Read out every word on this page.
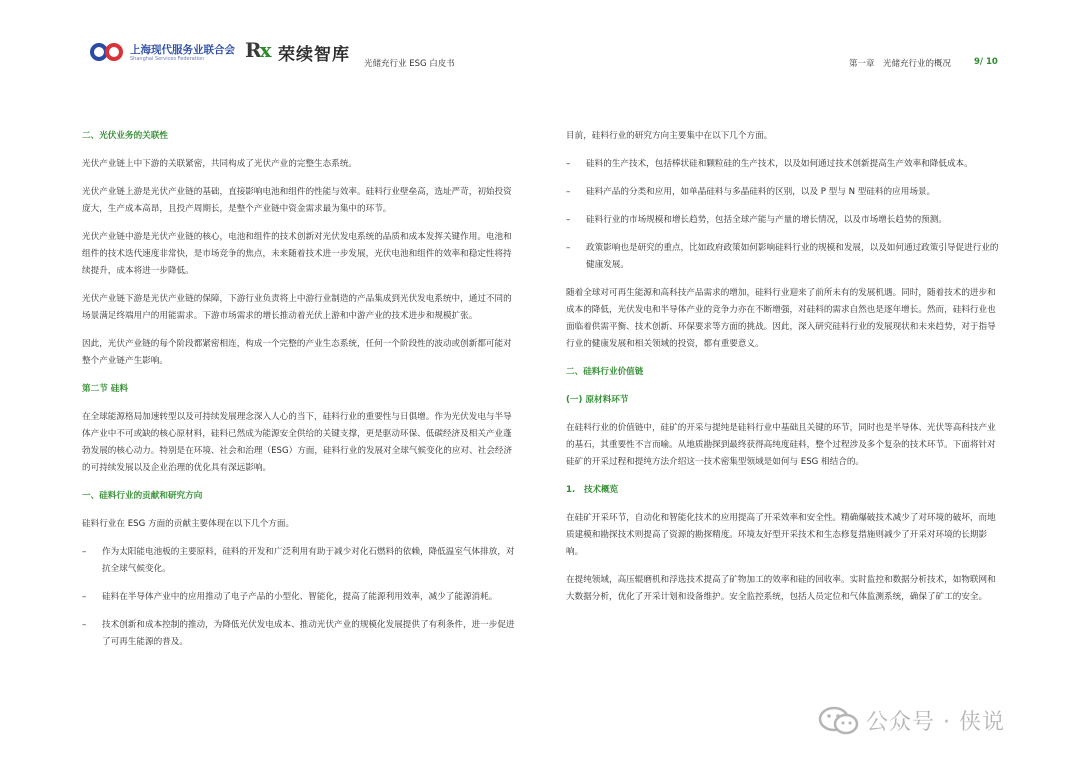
上海现代服务业联合会
Shanghai Services Federation Rx 荣续智库 光储充行业 ESG 白皮书	第一章　光储充行业的概况	9/ 10
二、光伏业务的关联性

光伏产业链上中下游的关联紧密，共同构成了光伏产业的完整生态系统。

光伏产业链上游是光伏产业链的基础，直接影响电池和组件的性能与效率。硅料行业壁垒高，选址严苛，初始投资庞大，生产成本高昂，且投产周期长，是整个产业链中资金需求最为集中的环节。

光伏产业链中游是光伏产业链的核心，电池和组件的技术创新对光伏发电系统的品质和成本发挥关键作用。电池和组件的技术迭代速度非常快，是市场竞争的焦点，未来随着技术进一步发展，光伏电池和组件的效率和稳定性将持续提升，成本将进一步降低。

光伏产业链下游是光伏产业链的保障，下游行业负责将上中游行业制造的产品集成到光伏发电系统中，通过不同的场景满足终端用户的用能需求。下游市场需求的增长推动着光伏上游和中游产业的技术进步和规模扩张。

因此，光伏产业链的每个阶段都紧密相连，构成一个完整的产业生态系统，任何一个阶段性的波动或创新都可能对整个产业链产生影响。

第二节 硅料

在全球能源格局加速转型以及可持续发展理念深入人心的当下，硅料行业的重要性与日俱增。作为光伏发电与半导体产业中不可或缺的核心原材料，硅料已然成为能源安全供给的关键支撑，更是驱动环保、低碳经济及相关产业蓬勃发展的核心动力。特别是在环境、社会和治理（ESG）方面，硅料行业的发展对全球气候变化的应对、社会经济的可持续发展以及企业治理的优化具有深远影响。

一、硅料行业的贡献和研究方向

硅料行业在 ESG 方面的贡献主要体现在以下几个方面。

– 作为太阳能电池板的主要原料，硅料的开发和广泛利用有助于减少对化石燃料的依赖，降低温室气体排放，对抗全球气候变化。
– 硅料在半导体产业中的应用推动了电子产品的小型化、智能化，提高了能源利用效率，减少了能源消耗。
– 技术创新和成本控制的推动，为降低光伏发电成本、推动光伏产业的规模化发展提供了有利条件，进一步促进了可再生能源的普及。

目前，硅料行业的研究方向主要集中在以下几个方面。

– 硅料的生产技术，包括棒状硅和颗粒硅的生产技术，以及如何通过技术创新提高生产效率和降低成本。
– 硅料产品的分类和应用，如单晶硅料与多晶硅料的区别，以及 P 型与 N 型硅料的应用场景。
– 硅料行业的市场规模和增长趋势，包括全球产能与产量的增长情况，以及市场增长趋势的预测。
– 政策影响也是研究的重点，比如政府政策如何影响硅料行业的规模和发展，以及如何通过政策引导促进行业的健康发展。

随着全球对可再生能源和高科技产品需求的增加，硅料行业迎来了前所未有的发展机遇。同时，随着技术的进步和成本的降低，光伏发电和半导体产业的竞争力亦在不断增强，对硅料的需求自然也是逐年增长。然而，硅料行业也面临着供需平衡、技术创新、环保要求等方面的挑战。因此，深入研究硅料行业的发展现状和未来趋势，对于指导行业的健康发展和相关领域的投资，都有重要意义。

二、硅料行业价值链
(一) 原材料环节

在硅料行业的价值链中，硅矿的开采与提纯是硅料行业中基础且关键的环节，同时也是半导体、光伏等高科技产业的基石，其重要性不言而喻。从地质勘探到最终获得高纯度硅料，整个过程涉及多个复杂的技术环节。下面将针对硅矿的开采过程和提纯方法介绍这一技术密集型领域是如何与 ESG 相结合的。

1.　技术概览

在硅矿开采环节，自动化和智能化技术的应用提高了开采效率和安全性。精确爆破技术减少了对环境的破坏，而地质建模和勘探技术则提高了资源的勘探精度。环境友好型开采技术和生态修复措施则减少了开采对环境的长期影响。

在提纯领域，高压辊磨机和浮选技术提高了矿物加工的效率和硅的回收率。实时监控和数据分析技术，如物联网和大数据分析，优化了开采计划和设备维护。安全监控系统，包括人员定位和气体监测系统，确保了矿工的安全。

公众号 · 侠说
